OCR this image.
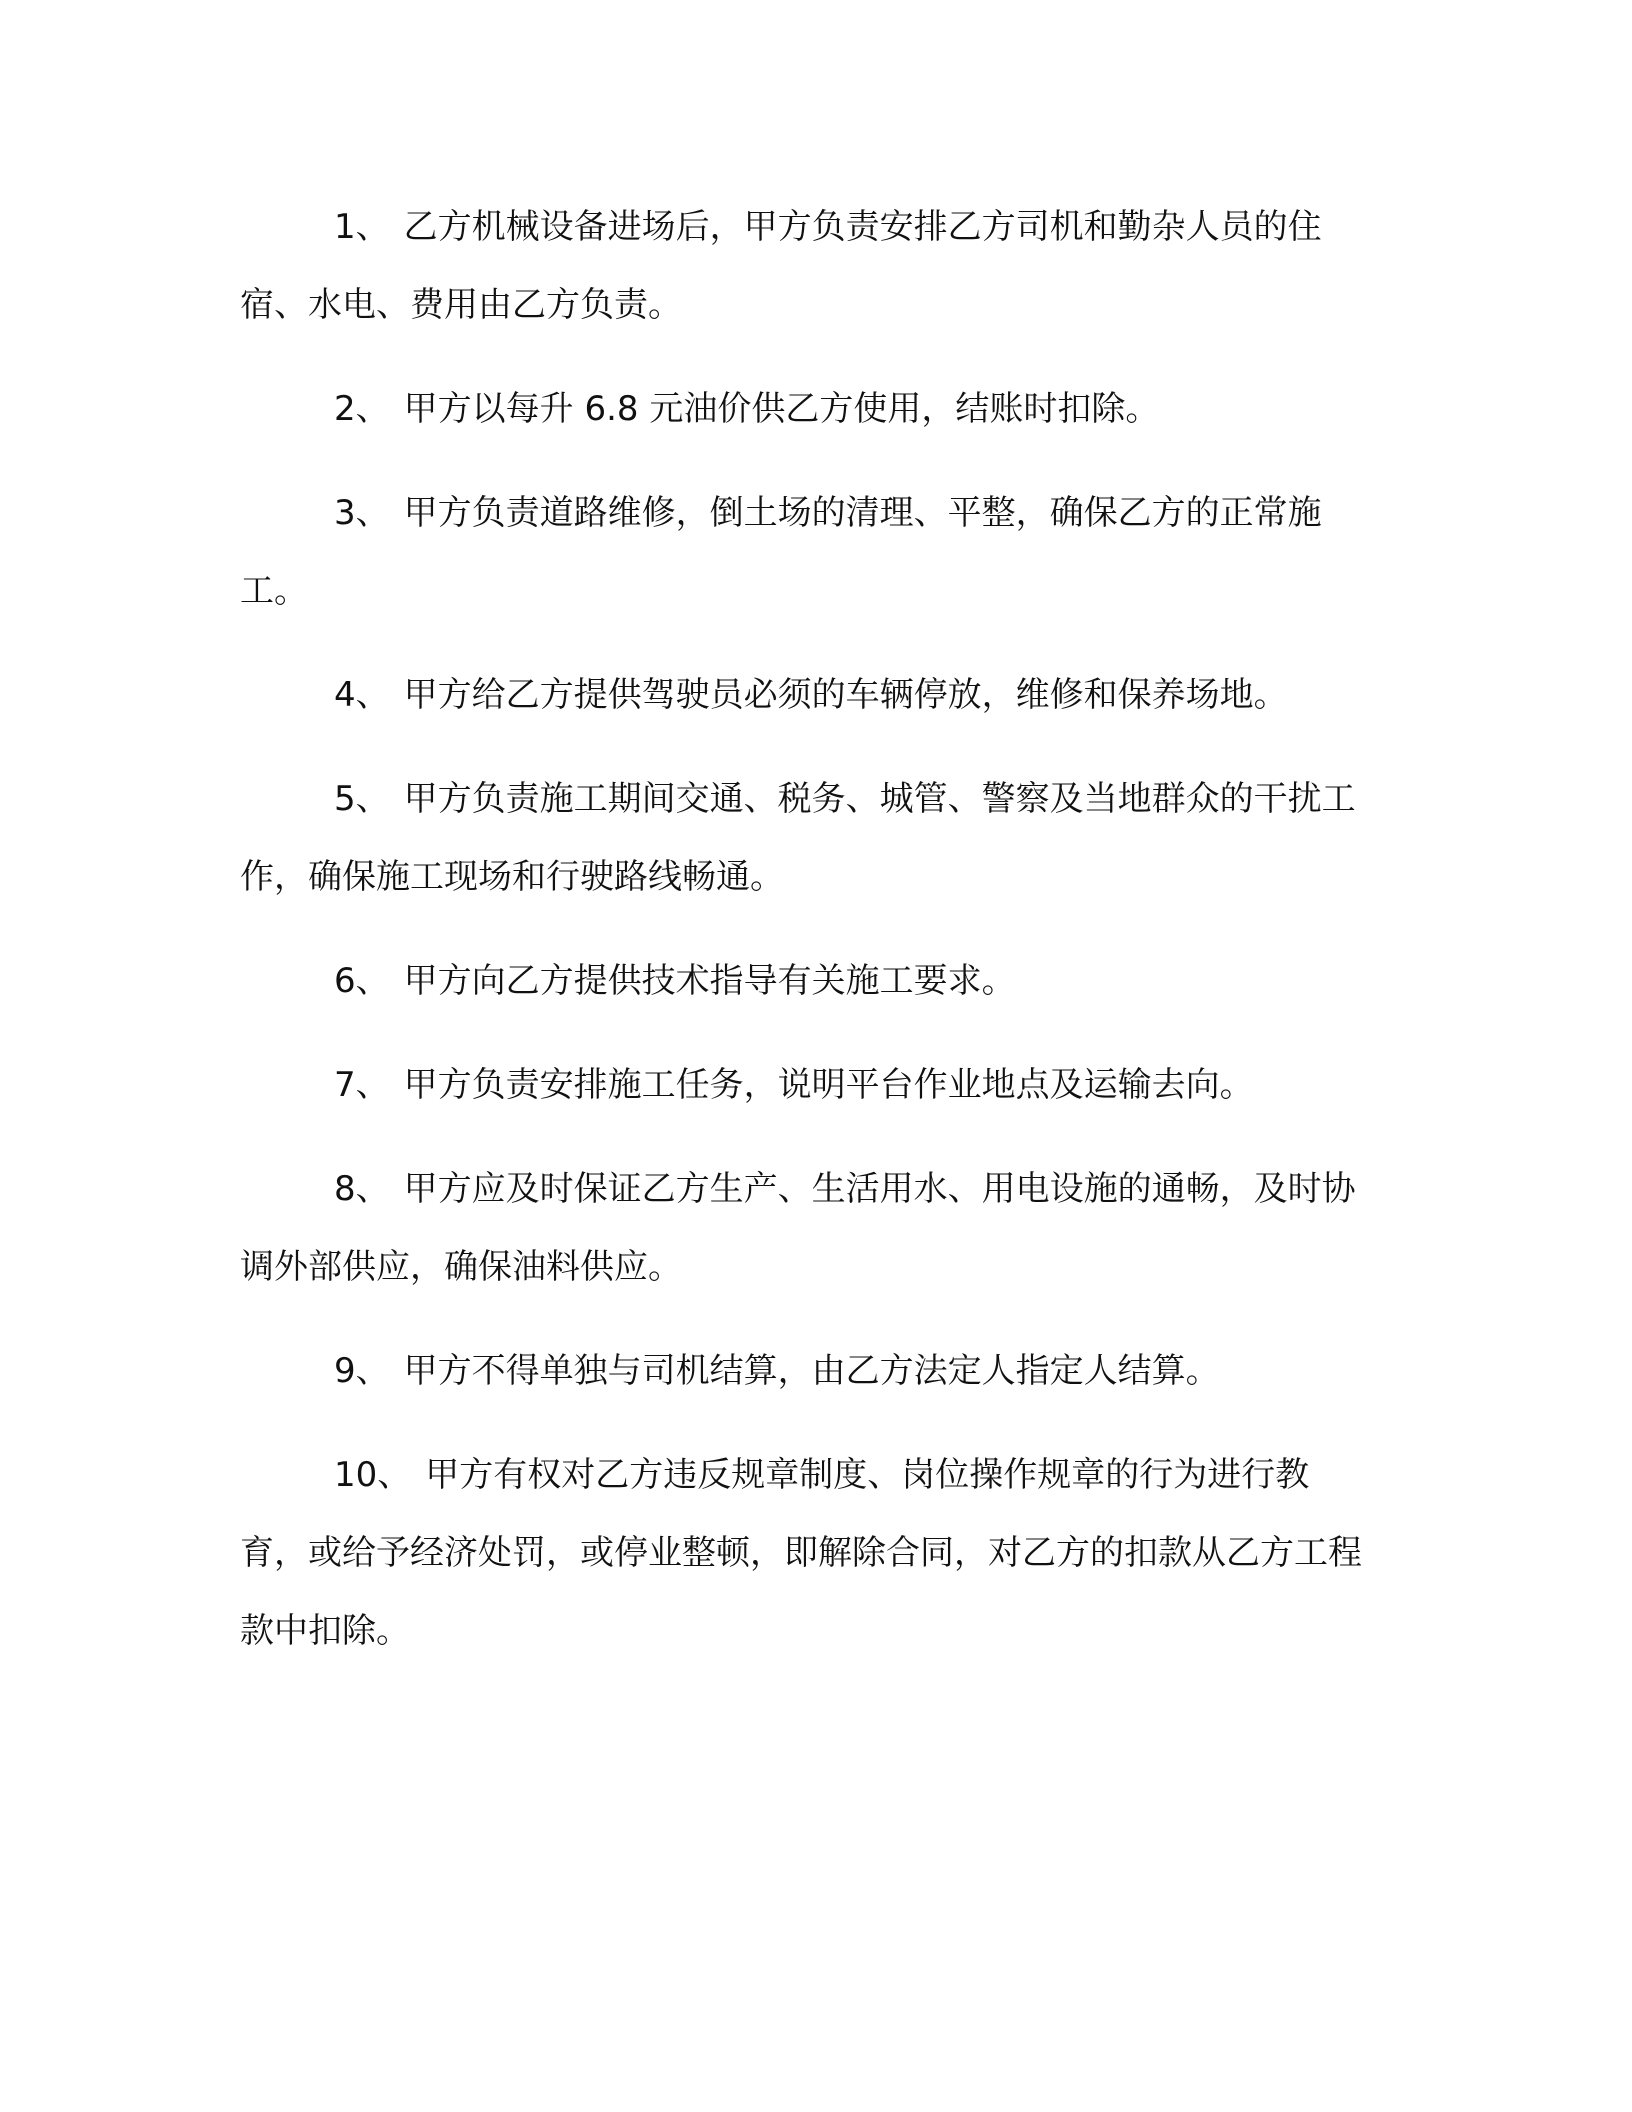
1、 乙方机械设备进场后，甲方负责安排乙方司机和勤杂人员的住宿、水电、费用由乙方负责。

2、 甲方以每升 6.8 元油价供乙方使用，结账时扣除。

3、 甲方负责道路维修，倒土场的清理、平整，确保乙方的正常施工。

4、 甲方给乙方提供驾驶员必须的车辆停放，维修和保养场地。

5、 甲方负责施工期间交通、税务、城管、警察及当地群众的干扰工作，确保施工现场和行驶路线畅通。

6、 甲方向乙方提供技术指导有关施工要求。

7、 甲方负责安排施工任务，说明平台作业地点及运输去向。

8、 甲方应及时保证乙方生产、生活用水、用电设施的通畅，及时协调外部供应，确保油料供应。

9、 甲方不得单独与司机结算，由乙方法定人指定人结算。

10、 甲方有权对乙方违反规章制度、岗位操作规章的行为进行教育，或给予经济处罚，或停业整顿，即解除合同，对乙方的扣款从乙方工程款中扣除。
